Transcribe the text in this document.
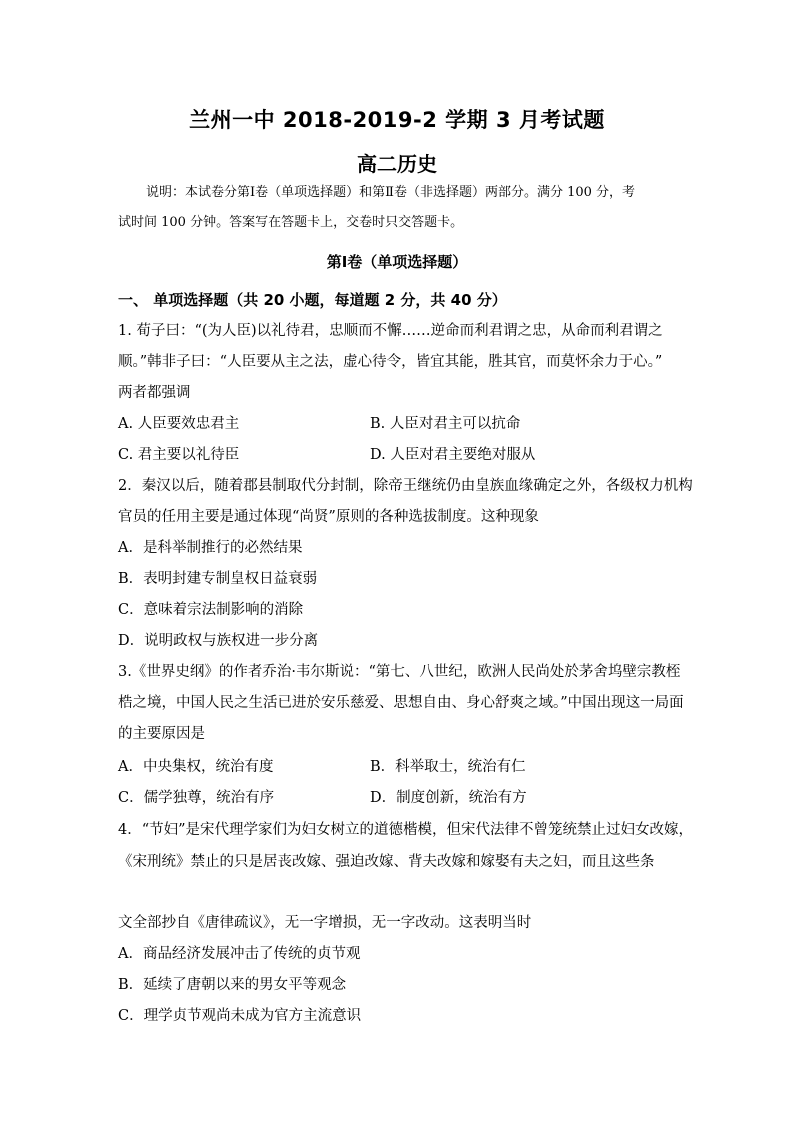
兰州一中 2018-2019-2 学期 3 月考试题
高二历史
说明：本试卷分第Ⅰ卷（单项选择题）和第Ⅱ卷（非选择题）两部分。满分 100 分，考
试时间 100 分钟。答案写在答题卡上，交卷时只交答题卡。
第Ⅰ卷（单项选择题）
一、 单项选择题（共 20 小题，每道题 2 分，共 40 分）
1. 荀子曰：“(为人臣)以礼待君，忠顺而不懈……逆命而利君谓之忠，从命而利君谓之
顺。”韩非子曰：“人臣要从主之法，虚心待令，皆宜其能，胜其官，而莫怀余力于心。”
两者都强调
A. 人臣要效忠君主	B. 人臣对君主可以抗命
C. 君主要以礼待臣	D. 人臣对君主要绝对服从
2．秦汉以后，随着郡县制取代分封制，除帝王继统仍由皇族血缘确定之外，各级权力机构
官员的任用主要是通过体现“尚贤”原则的各种选拔制度。这种现象
A．是科举制推行的必然结果
B．表明封建专制皇权日益衰弱
C．意味着宗法制影响的消除
D．说明政权与族权进一步分离
3.《世界史纲》的作者乔治·韦尔斯说：“第七、八世纪，欧洲人民尚处於茅舍坞壁宗教桎
梏之境，中国人民之生活已进於安乐慈爱、思想自由、身心舒爽之域。”中国出现这一局面
的主要原因是
A．中央集权，统治有度	B．科举取士，统治有仁
C．儒学独尊，统治有序	D．制度创新，统治有方
4．“节妇”是宋代理学家们为妇女树立的道德楷模，但宋代法律不曾笼统禁止过妇女改嫁，
《宋刑统》禁止的只是居丧改嫁、强迫改嫁、背夫改嫁和嫁娶有夫之妇，而且这些条
文全部抄自《唐律疏议》，无一字增损，无一字改动。这表明当时
A．商品经济发展冲击了传统的贞节观
B．延续了唐朝以来的男女平等观念
C．理学贞节观尚未成为官方主流意识
